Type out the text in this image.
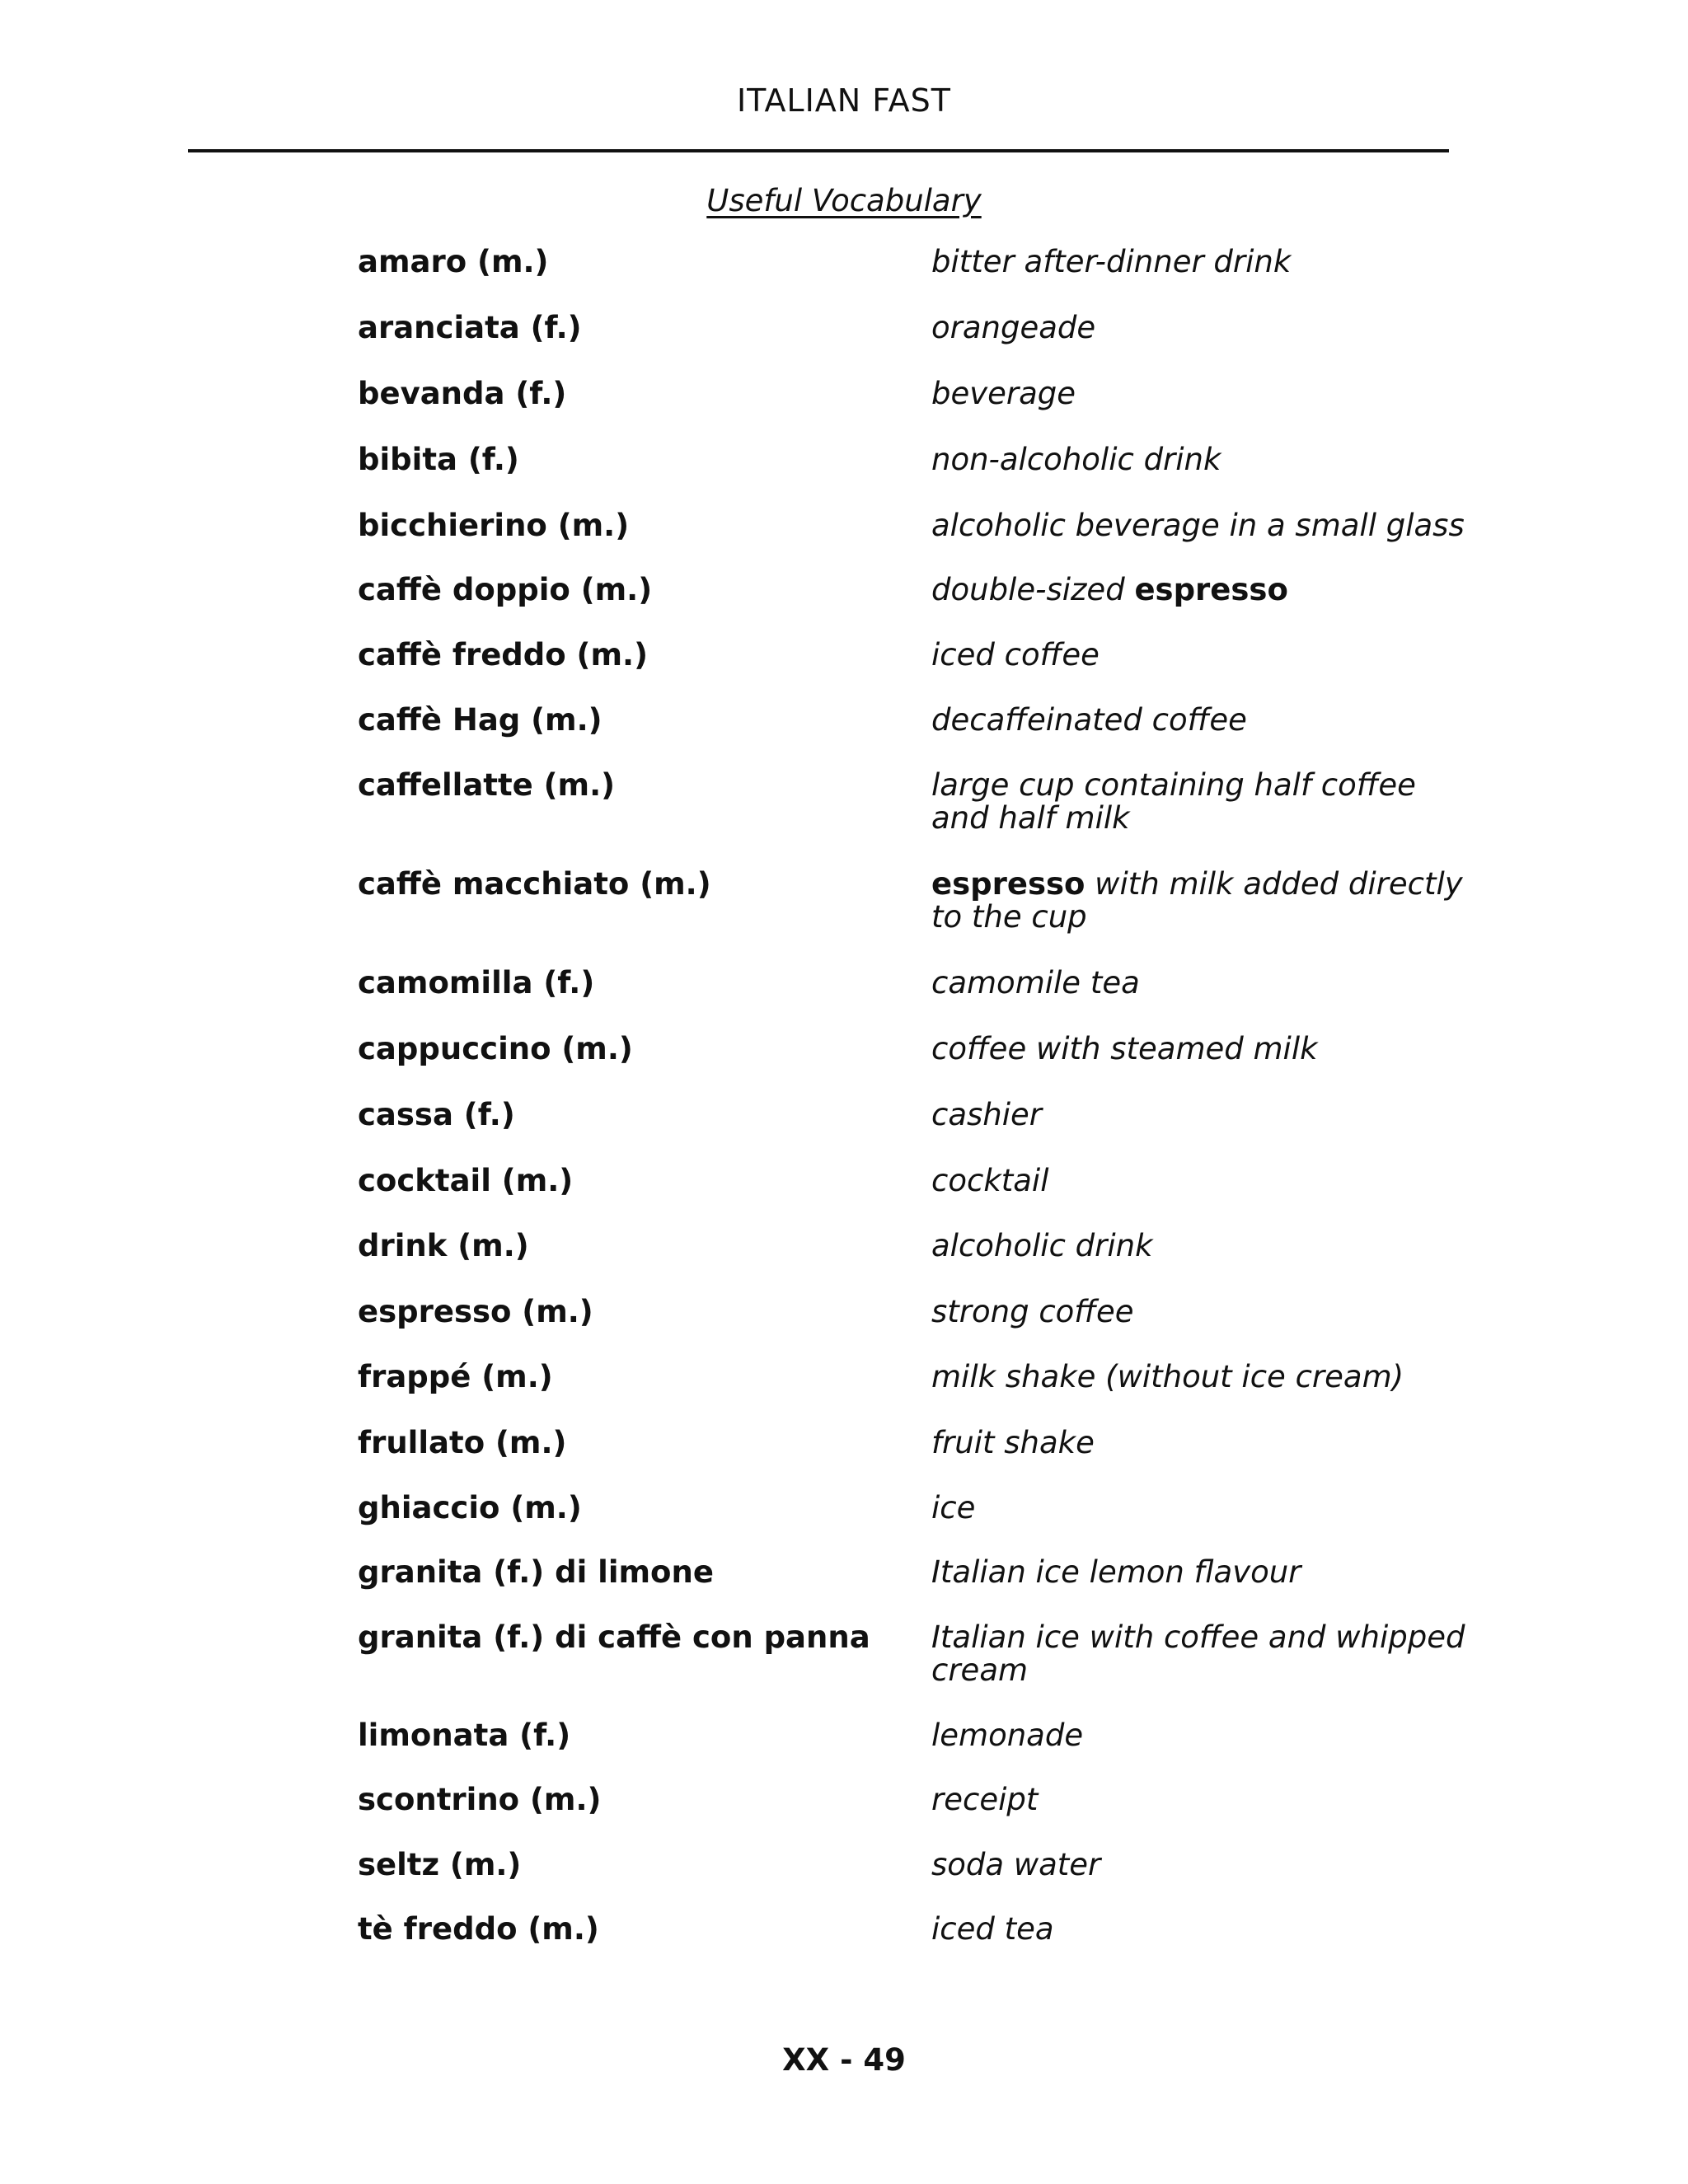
ITALIAN FAST
Useful Vocabulary
amaro (m.)	bitter after-dinner drink
aranciata (f.)	orangeade
bevanda (f.)	beverage
bibita (f.)	non-alcoholic drink
bicchierino (m.)	alcoholic beverage in a small glass
caffè doppio (m.)	double-sized espresso
caffè freddo (m.)	iced coffee
caffè Hag (m.)	decaffeinated coffee
caffellatte (m.)	large cup containing half coffee and half milk
caffè macchiato (m.)	espresso with milk added directly to the cup
camomilla (f.)	camomile tea
cappuccino (m.)	coffee with steamed milk
cassa (f.)	cashier
cocktail (m.)	cocktail
drink (m.)	alcoholic drink
espresso (m.)	strong coffee
frappé (m.)	milk shake (without ice cream)
frullato (m.)	fruit shake
ghiaccio (m.)	ice
granita (f.) di limone	Italian ice lemon flavour
granita (f.) di caffè con panna	Italian ice with coffee and whipped cream
limonata (f.)	lemonade
scontrino (m.)	receipt
seltz (m.)	soda water
tè freddo (m.)	iced tea
XX - 49
